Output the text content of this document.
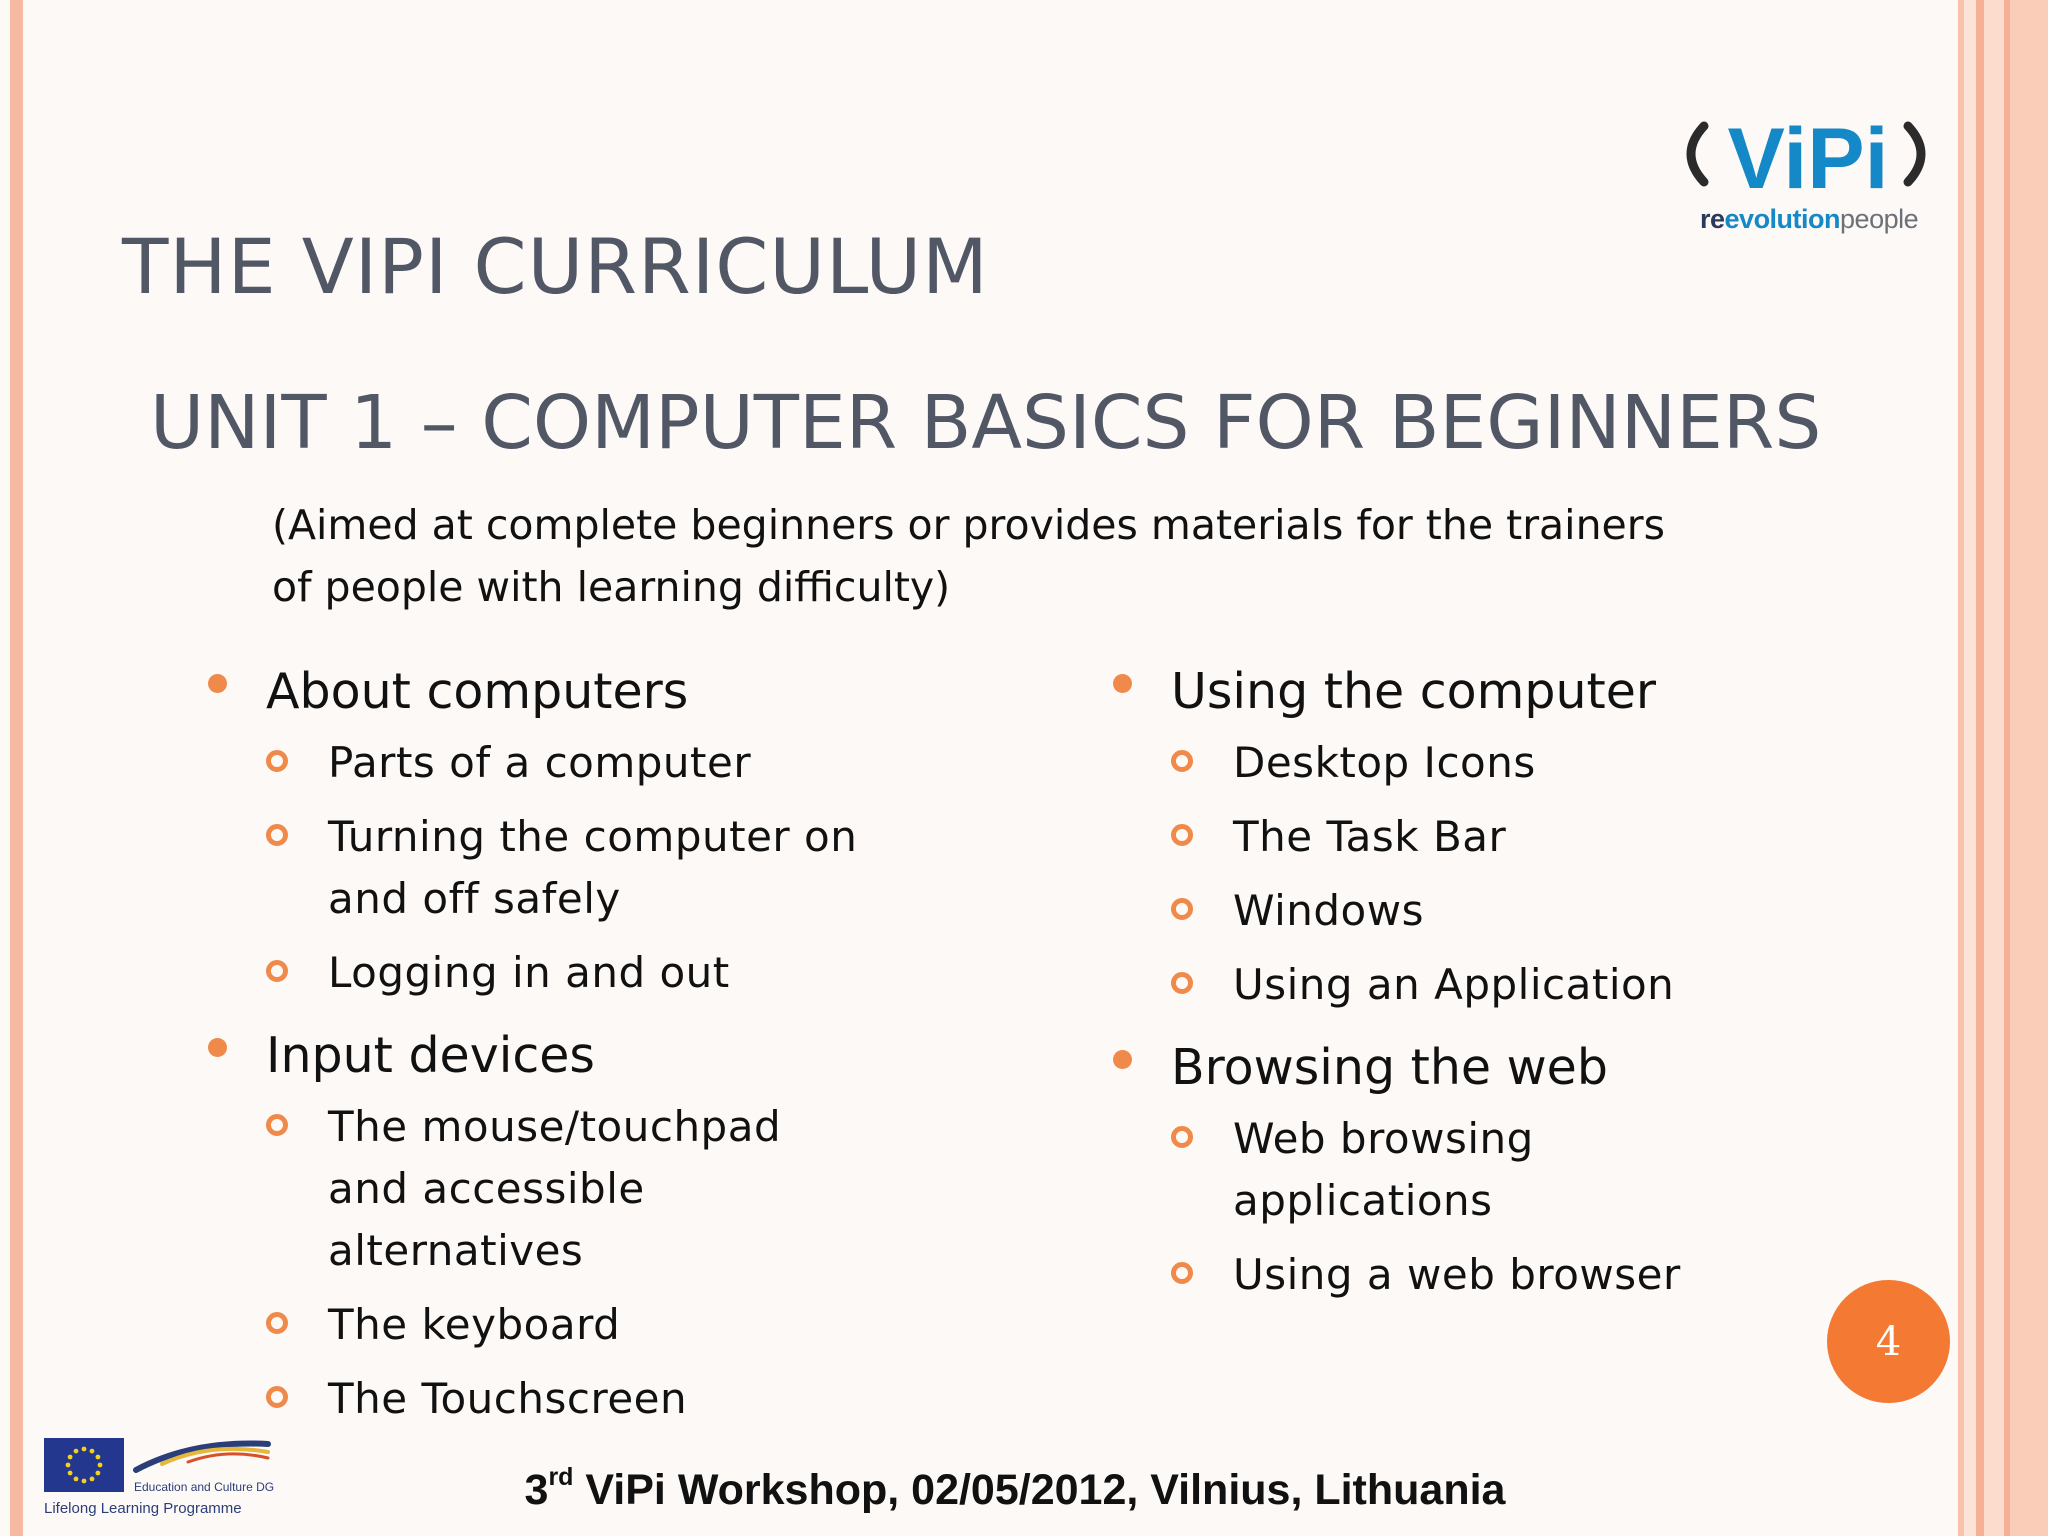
ViPi
reevolutionpeople
THE VIPI CURRICULUM
UNIT 1 – COMPUTER BASICS FOR BEGINNERS

(Aimed at complete beginners or provides materials for the trainers of people with learning difficulty)

About computers
Parts of a computer
Turning the computer on and off safely
Logging in and out
Input devices
The mouse/touchpad and accessible alternatives
The keyboard
The Touchscreen
Using the computer
Desktop Icons
The Task Bar
Windows
Using an Application
Browsing the web
Web browsing applications
Using a web browser
4
3rd ViPi Workshop, 02/05/2012, Vilnius, Lithuania
Education and Culture DG
Lifelong Learning Programme
